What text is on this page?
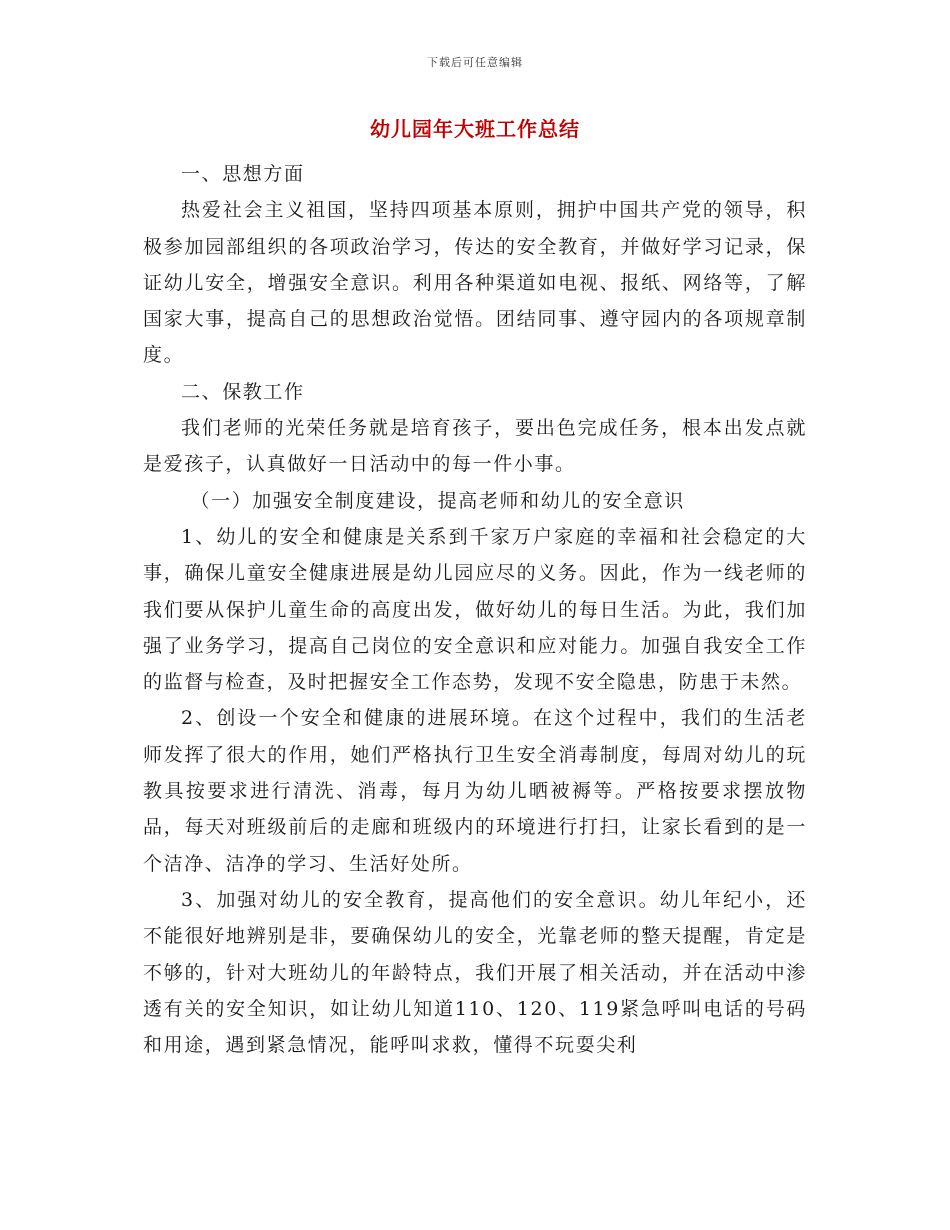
下载后可任意编辑
幼儿园年大班工作总结

一、思想方面

热爱社会主义祖国，坚持四项基本原则，拥护中国共产党的领导，积极参加园部组织的各项政治学习，传达的安全教育，并做好学习记录，保证幼儿安全，增强安全意识。利用各种渠道如电视、报纸、网络等，了解国家大事，提高自己的思想政治觉悟。团结同事、遵守园内的各项规章制度。

二、保教工作

我们老师的光荣任务就是培育孩子，要出色完成任务，根本出发点就是爱孩子，认真做好一日活动中的每一件小事。

（一）加强安全制度建设，提高老师和幼儿的安全意识

1、幼儿的安全和健康是关系到千家万户家庭的幸福和社会稳定的大事，确保儿童安全健康进展是幼儿园应尽的义务。因此，作为一线老师的我们要从保护儿童生命的高度出发，做好幼儿的每日生活。为此，我们加强了业务学习，提高自己岗位的安全意识和应对能力。加强自我安全工作的监督与检查，及时把握安全工作态势，发现不安全隐患，防患于未然。

2、创设一个安全和健康的进展环境。在这个过程中，我们的生活老师发挥了很大的作用，她们严格执行卫生安全消毒制度，每周对幼儿的玩教具按要求进行清洗、消毒，每月为幼儿晒被褥等。严格按要求摆放物品，每天对班级前后的走廊和班级内的环境进行打扫，让家长看到的是一个洁净、洁净的学习、生活好处所。

3、加强对幼儿的安全教育，提高他们的安全意识。幼儿年纪小，还不能很好地辨别是非，要确保幼儿的安全，光靠老师的整天提醒，肯定是不够的，针对大班幼儿的年龄特点，我们开展了相关活动，并在活动中渗透有关的安全知识，如让幼儿知道110、120、119紧急呼叫电话的号码和用途，遇到紧急情况，能呼叫求救，懂得不玩耍尖利
